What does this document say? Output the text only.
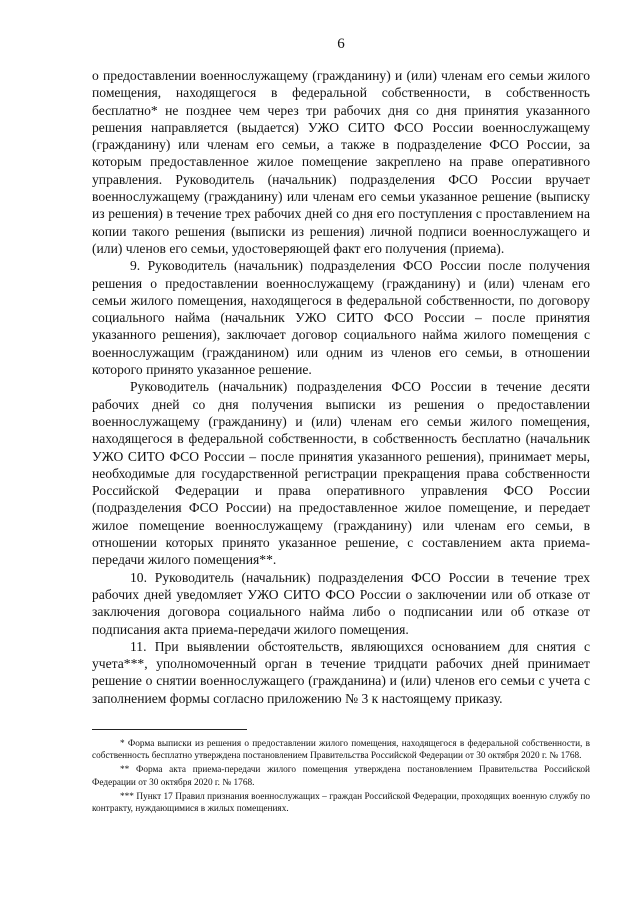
6

о предоставлении военнослужащему (гражданину) и (или) членам его семьи жилого помещения, находящегося в федеральной собственности, в собственность бесплатно* не позднее чем через три рабочих дня со дня принятия указанного решения направляется (выдается) УЖО СИТО ФСО России военнослужащему (гражданину) или членам его семьи, а также в подразделение ФСО России, за которым предоставленное жилое помещение закреплено на праве оперативного управления. Руководитель (начальник) подразделения ФСО России вручает военнослужащему (гражданину) или членам его семьи указанное решение (выписку из решения) в течение трех рабочих дней со дня его поступления с проставлением на копии такого решения (выписки из решения) личной подписи военнослужащего и (или) членов его семьи, удостоверяющей факт его получения (приема).

9. Руководитель (начальник) подразделения ФСО России после получения решения о предоставлении военнослужащему (гражданину) и (или) членам его семьи жилого помещения, находящегося в федеральной собственности, по договору социального найма (начальник УЖО СИТО ФСО России – после принятия указанного решения), заключает договор социального найма жилого помещения с военнослужащим (гражданином) или одним из членов его семьи, в отношении которого принято указанное решение.

Руководитель (начальник) подразделения ФСО России в течение десяти рабочих дней со дня получения выписки из решения о предоставлении военнослужащему (гражданину) и (или) членам его семьи жилого помещения, находящегося в федеральной собственности, в собственность бесплатно (начальник УЖО СИТО ФСО России – после принятия указанного решения), принимает меры, необходимые для государственной регистрации прекращения права собственности Российской Федерации и права оперативного управления ФСО России (подразделения ФСО России) на предоставленное жилое помещение, и передает жилое помещение военнослужащему (гражданину) или членам его семьи, в отношении которых принято указанное решение, с составлением акта приема-передачи жилого помещения**.

10. Руководитель (начальник) подразделения ФСО России в течение трех рабочих дней уведомляет УЖО СИТО ФСО России о заключении или об отказе от заключения договора социального найма либо о подписании или об отказе от подписания акта приема-передачи жилого помещения.

11. При выявлении обстоятельств, являющихся основанием для снятия с учета***, уполномоченный орган в течение тридцати рабочих дней принимает решение о снятии военнослужащего (гражданина) и (или) членов его семьи с учета с заполнением формы согласно приложению № 3 к настоящему приказу.

* Форма выписки из решения о предоставлении жилого помещения, находящегося в федеральной собственности, в собственность бесплатно утверждена постановлением Правительства Российской Федерации от 30 октября 2020 г. № 1768.

** Форма акта приема-передачи жилого помещения утверждена постановлением Правительства Российской Федерации от 30 октября 2020 г. № 1768.

*** Пункт 17 Правил признания военнослужащих – граждан Российской Федерации, проходящих военную службу по контракту, нуждающимися в жилых помещениях.
